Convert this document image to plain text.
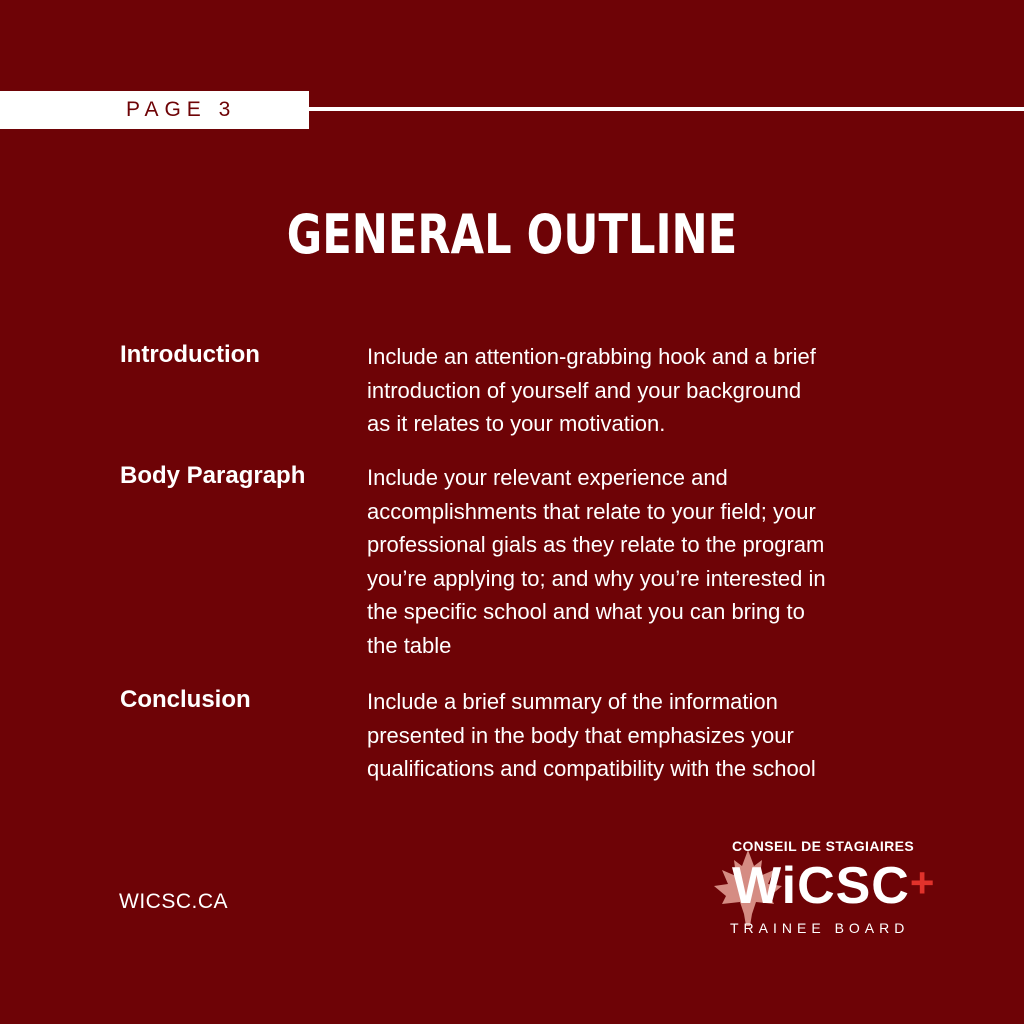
PAGE 3
GENERAL OUTLINE
Introduction	Include an attention-grabbing hook and a brief
introduction of yourself and your background
as it relates to your motivation.
Body Paragraph	Include your relevant experience and
accomplishments that relate to your field; your
professional gials as they relate to the program
you’re applying to; and why you’re interested in
the specific school and what you can bring to
the table
Conclusion	Include a brief summary of the information
presented in the body that emphasizes your
qualifications and compatibility with the school
WICSC.CA
CONSEIL DE STAGIAIRES
WiCSC+
TRAINEE BOARD
